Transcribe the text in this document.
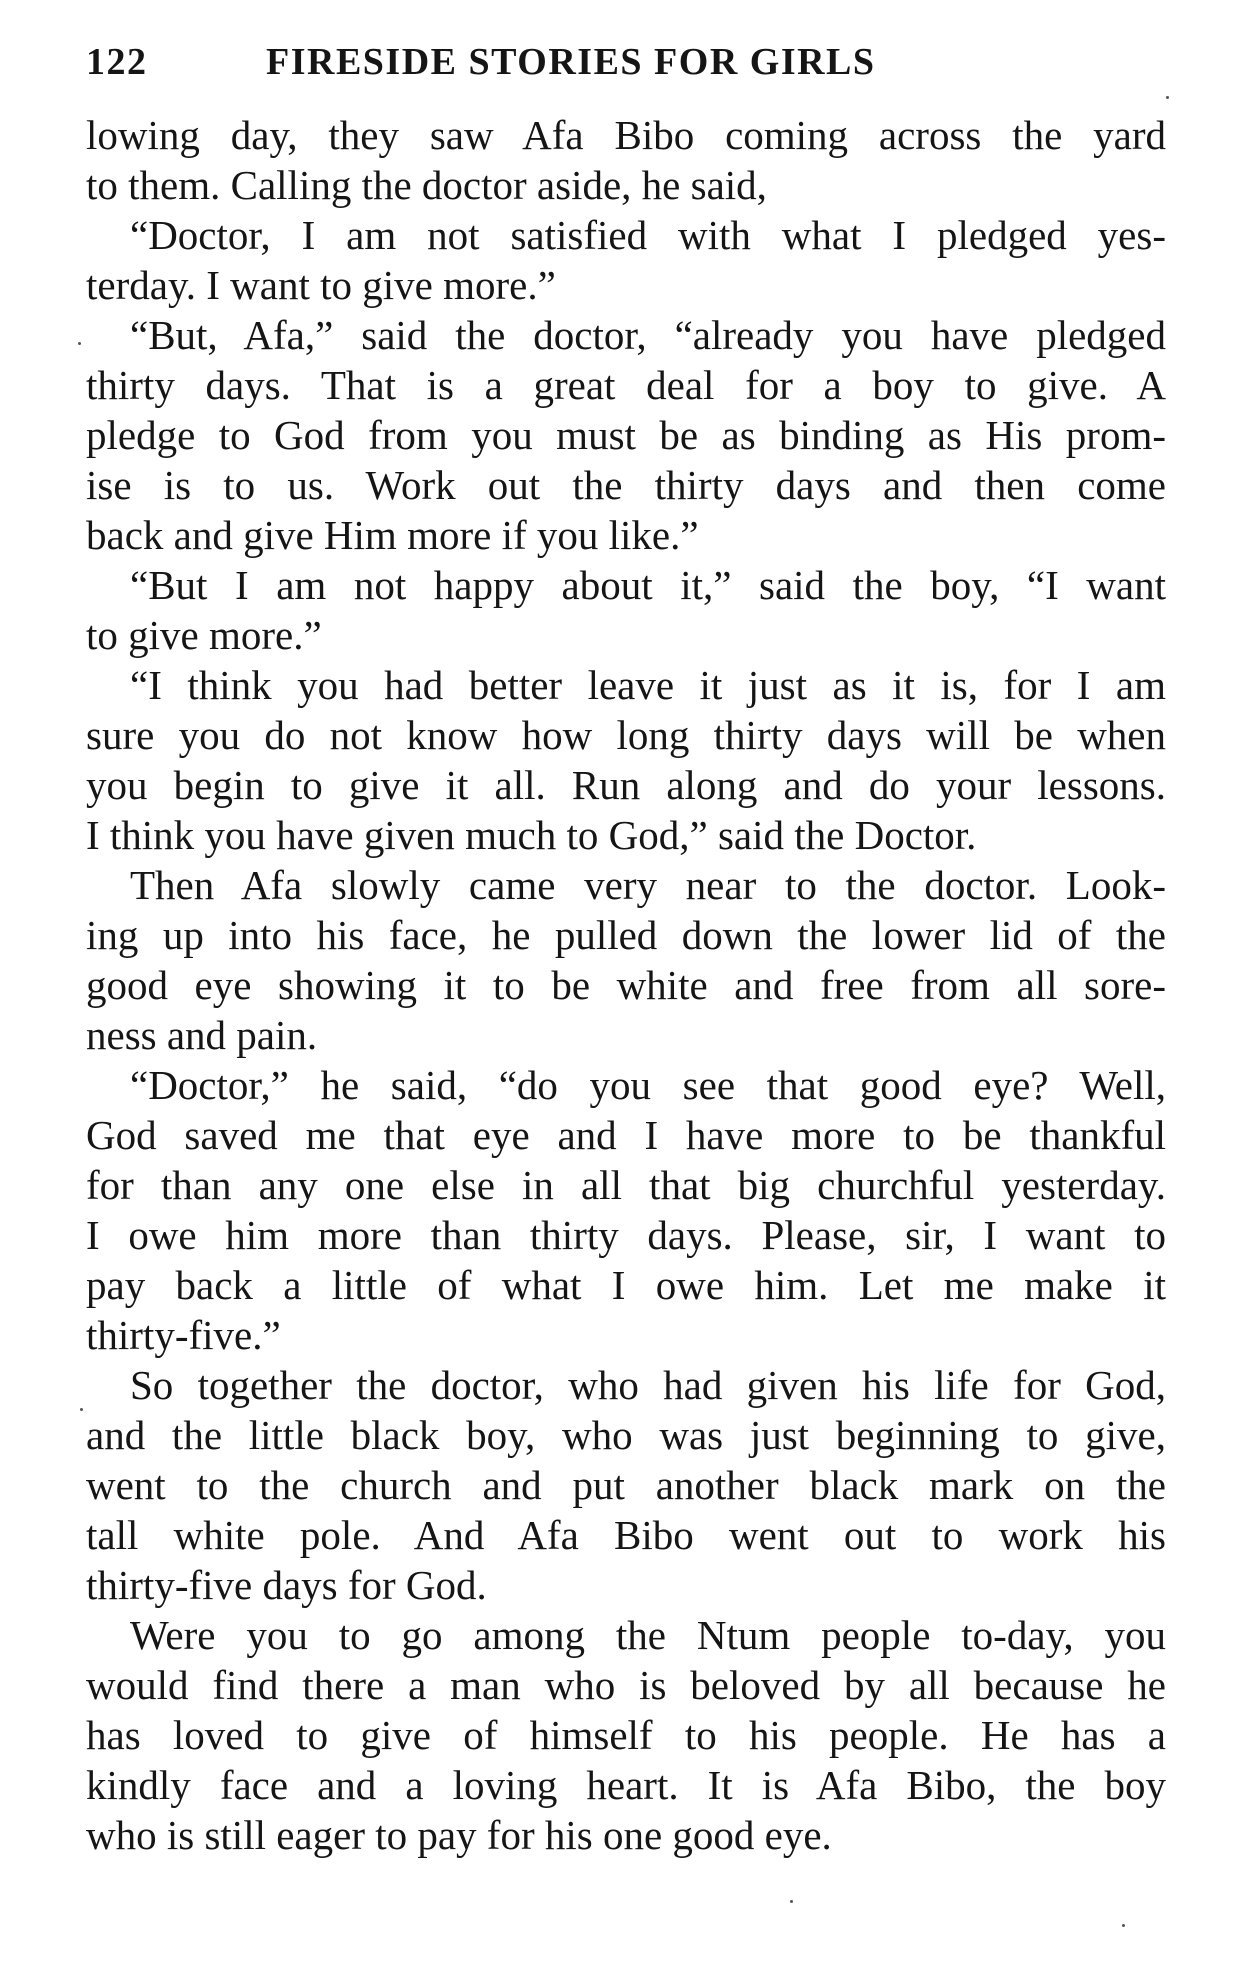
122	FIRESIDE STORIES FOR GIRLS

lowing day, they saw Afa Bibo coming across the yard
to them. Calling the doctor aside, he said,

“Doctor, I am not satisfied with what I pledged yes-
terday. I want to give more.”

“But, Afa,” said the doctor, “already you have pledged
thirty days. That is a great deal for a boy to give. A
pledge to God from you must be as binding as His prom-
ise is to us. Work out the thirty days and then come
back and give Him more if you like.”

“But I am not happy about it,” said the boy, “I want
to give more.”

“I think you had better leave it just as it is, for I am
sure you do not know how long thirty days will be when
you begin to give it all. Run along and do your lessons.
I think you have given much to God,” said the Doctor.

Then Afa slowly came very near to the doctor. Look-
ing up into his face, he pulled down the lower lid of the
good eye showing it to be white and free from all sore-
ness and pain.

“Doctor,” he said, “do you see that good eye? Well,
God saved me that eye and I have more to be thankful
for than any one else in all that big churchful yesterday.
I owe him more than thirty days. Please, sir, I want to
pay back a little of what I owe him. Let me make it
thirty-five.”

So together the doctor, who had given his life for God,
and the little black boy, who was just beginning to give,
went to the church and put another black mark on the
tall white pole. And Afa Bibo went out to work his
thirty-five days for God.

Were you to go among the Ntum people to-day, you
would find there a man who is beloved by all because he
has loved to give of himself to his people. He has a
kindly face and a loving heart. It is Afa Bibo, the boy
who is still eager to pay for his one good eye.
